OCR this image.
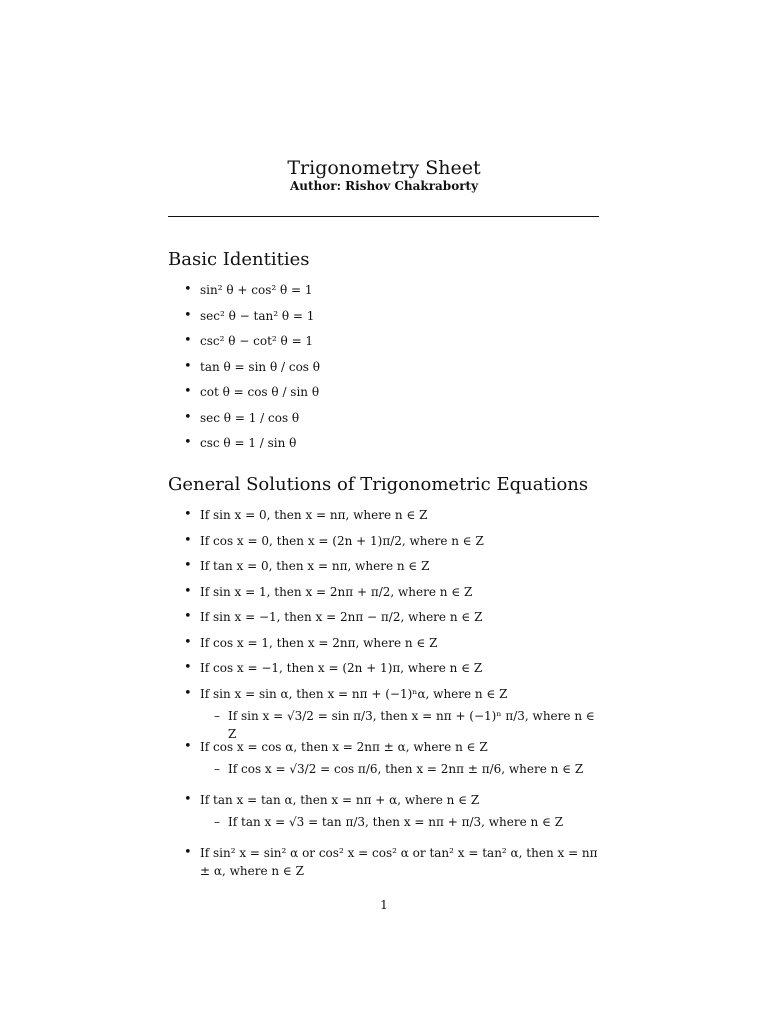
Trigonometry Sheet
Author: Rishov Chakraborty
Basic Identities
• sin² θ + cos² θ = 1
• sec² θ − tan² θ = 1
• csc² θ − cot² θ = 1
• tan θ = sin θ / cos θ
• cot θ = cos θ / sin θ
• sec θ = 1 / cos θ
• csc θ = 1 / sin θ
General Solutions of Trigonometric Equations
• If sin x = 0, then x = nπ, where n ∈ Z
• If cos x = 0, then x = (2n + 1)π/2, where n ∈ Z
• If tan x = 0, then x = nπ, where n ∈ Z
• If sin x = 1, then x = 2nπ + π/2, where n ∈ Z
• If sin x = −1, then x = 2nπ − π/2, where n ∈ Z
• If cos x = 1, then x = 2nπ, where n ∈ Z
• If cos x = −1, then x = (2n + 1)π, where n ∈ Z
• If sin x = sin α, then x = nπ + (−1)ⁿα, where n ∈ Z
– If sin x = √3/2 = sin π/3, then x = nπ + (−1)ⁿ π/3, where n ∈ Z
• If cos x = cos α, then x = 2nπ ± α, where n ∈ Z
– If cos x = √3/2 = cos π/6, then x = 2nπ ± π/6, where n ∈ Z
• If tan x = tan α, then x = nπ + α, where n ∈ Z
– If tan x = √3 = tan π/3, then x = nπ + π/3, where n ∈ Z
• If sin² x = sin² α or cos² x = cos² α or tan² x = tan² α, then x = nπ ± α, where n ∈ Z
1
